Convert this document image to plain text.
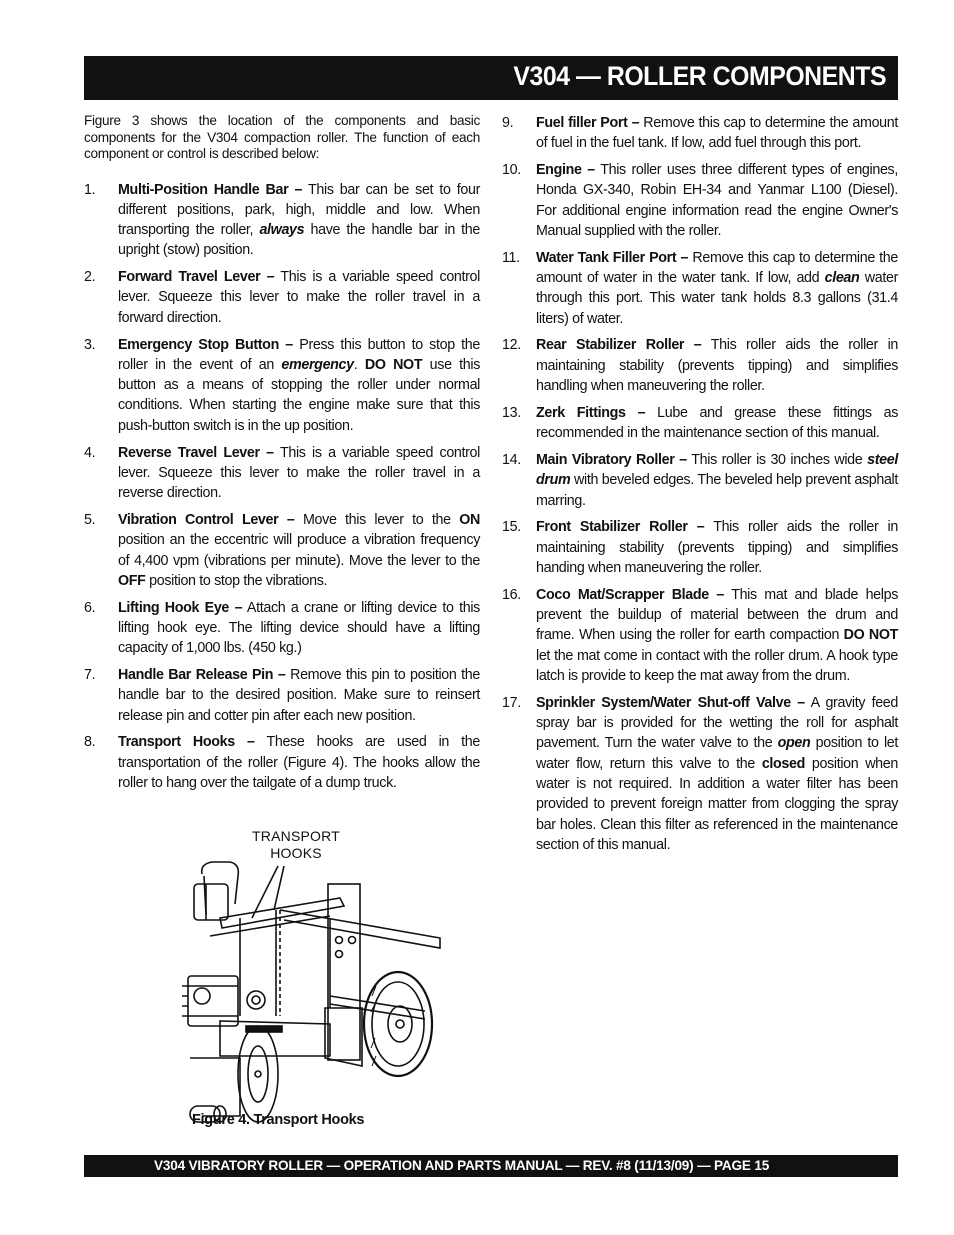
V304 — ROLLER COMPONENTS
Figure 3 shows the location of the components and basic components for the V304 compaction roller. The function of each component or control is described below:
1. Multi-Position Handle Bar – This bar can be set to four different positions, park, high, middle and low. When transporting the roller, always have the handle bar in the upright (stow) position.
2. Forward Travel Lever – This is a variable speed control lever. Squeeze this lever to make the roller travel in a forward direction.
3. Emergency Stop Button – Press this button to stop the roller in the event of an emergency. DO NOT use this button as a means of stopping the roller under normal conditions. When starting the engine make sure that this push-button switch is in the up position.
4. Reverse Travel Lever – This is a variable speed control lever. Squeeze this lever to make the roller travel in a reverse direction.
5. Vibration Control Lever – Move this lever to the ON position an the eccentric will produce a vibration frequency of 4,400 vpm (vibrations per minute). Move the lever to the OFF position to stop the vibrations.
6. Lifting Hook Eye – Attach a crane or lifting device to this lifting hook eye. The lifting device should have a lifting capacity of 1,000 lbs. (450 kg.)
7. Handle Bar Release Pin – Remove this pin to position the handle bar to the desired position. Make sure to reinsert release pin and cotter pin after each new position.
8. Transport Hooks – These hooks are used in the transportation of the roller (Figure 4). The hooks allow the roller to hang over the tailgate of a dump truck.
9. Fuel filler Port – Remove this cap to determine the amount of fuel in the fuel tank. If low, add fuel through this port.
10. Engine – This roller uses three different types of engines, Honda GX-340, Robin EH-34 and Yanmar L100 (Diesel). For additional engine information read the engine Owner's Manual supplied with the roller.
11. Water Tank Filler Port – Remove this cap to determine the amount of water in the water tank. If low, add clean water through this port. This water tank holds 8.3 gallons (31.4 liters) of water.
12. Rear Stabilizer Roller – This roller aids the roller in maintaining stability (prevents tipping) and simplifies handling when maneuvering the roller.
13. Zerk Fittings – Lube and grease these fittings as recommended in the maintenance section of this manual.
14. Main Vibratory Roller – This roller is 30 inches wide steel drum with beveled edges. The beveled help prevent asphalt marring.
15. Front Stabilizer Roller – This roller aids the roller in maintaining stability (prevents tipping) and simplifies handing when maneuvering the roller.
16. Coco Mat/Scrapper Blade – This mat and blade helps prevent the buildup of material between the drum and frame. When using the roller for earth compaction DO NOT let the mat come in contact with the roller drum. A hook type latch is provide to keep the mat away from the drum.
17. Sprinkler System/Water Shut-off Valve – A gravity feed spray bar is provided for the wetting the roll for asphalt pavement. Turn the water valve to the open position to let water flow, return this valve to the closed position when water is not required. In addition a water filter has been provided to prevent foreign matter from clogging the spray bar holes. Clean this filter as referenced in the maintenance section of this manual.
TRANSPORT
HOOKS
Figure 4. Transport Hooks
V304 VIBRATORY ROLLER — OPERATION AND PARTS MANUAL — REV. #8 (11/13/09) — PAGE 15
